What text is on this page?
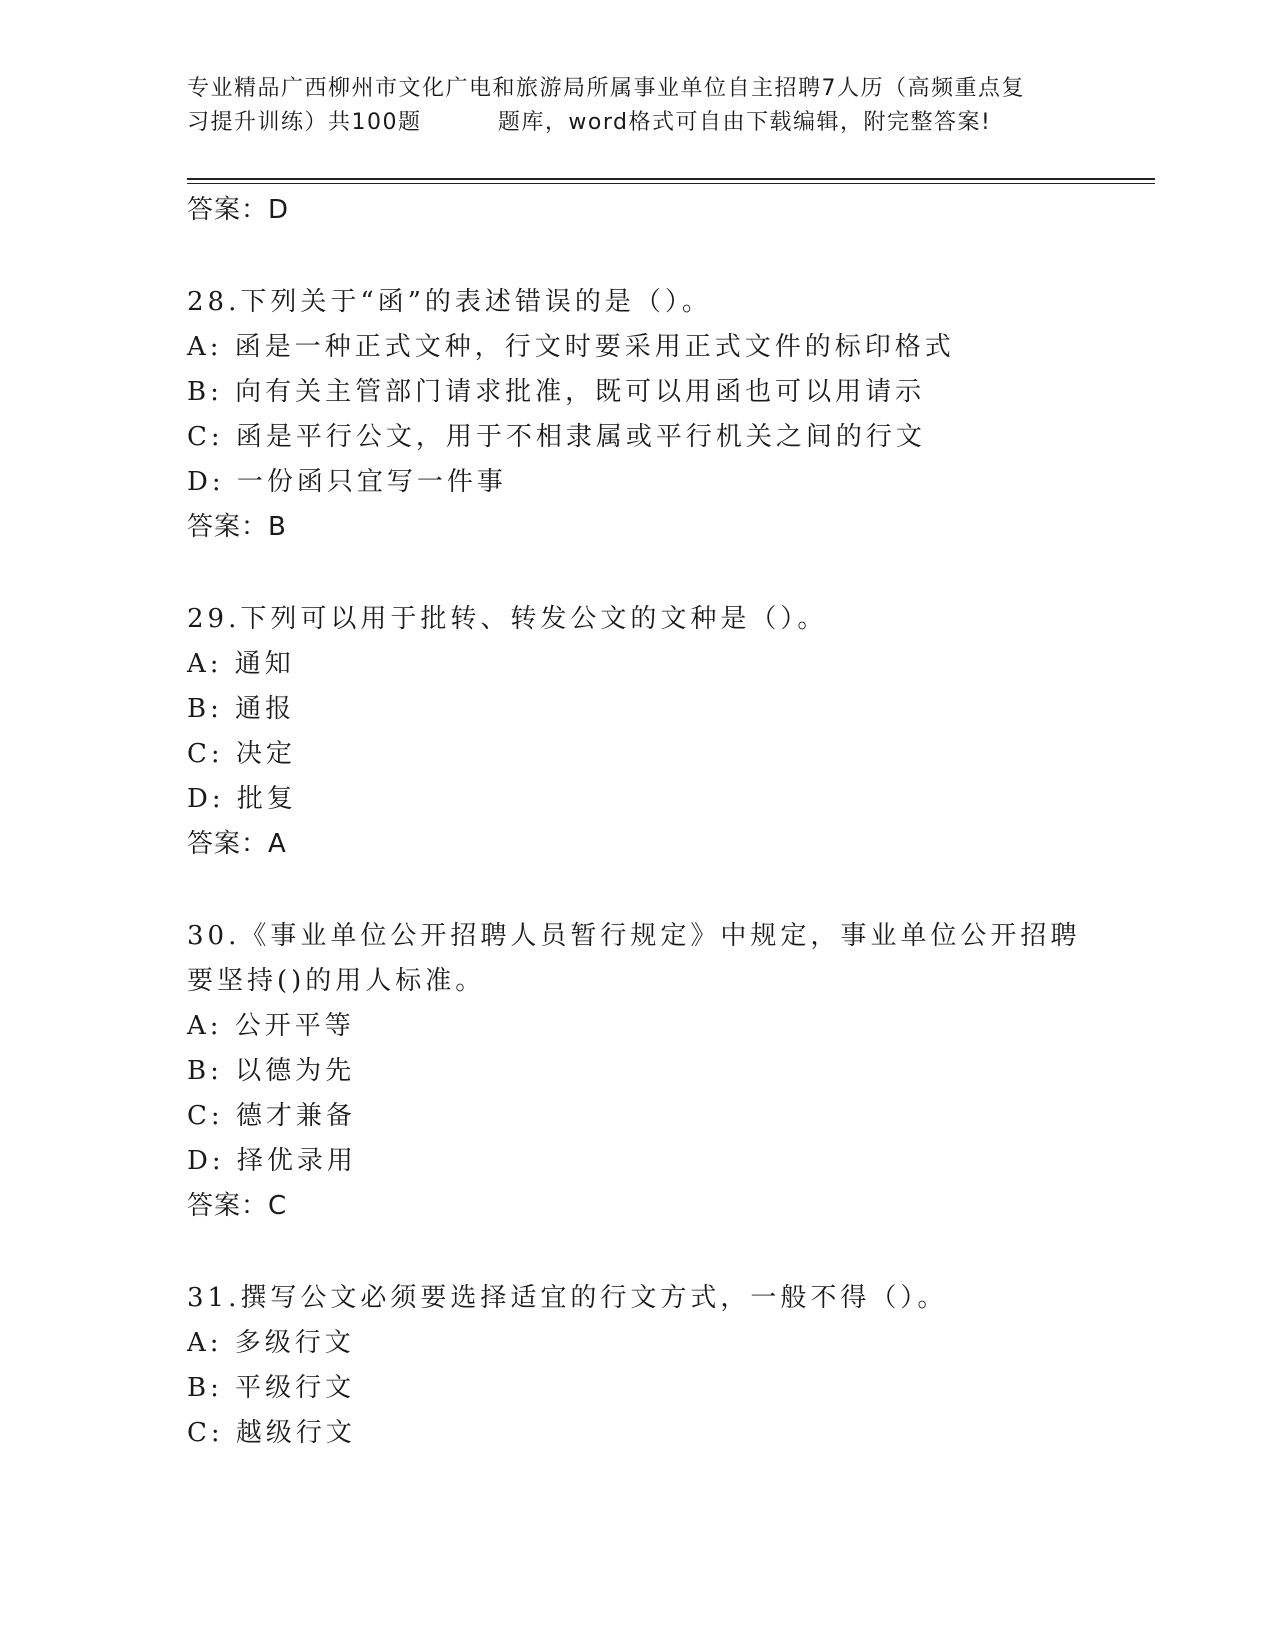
专业精品广西柳州市文化广电和旅游局所属事业单位自主招聘7人历（高频重点复
习提升训练）共100题         题库，word格式可自由下载编辑，附完整答案!
答案：D

28.下列关于“函”的表述错误的是（）。

A: 函是一种正式文种，行文时要采用正式文件的标印格式
B: 向有关主管部门请求批准，既可以用函也可以用请示
C: 函是平行公文，用于不相隶属或平行机关之间的行文
D: 一份函只宜写一件事
答案：B

29.下列可以用于批转、转发公文的文种是（）。

A: 通知
B: 通报
C: 决定
D: 批复
答案：A

30.《事业单位公开招聘人员暂行规定》中规定，事业单位公开招聘要坚持()的用人标准。

A: 公开平等
B: 以德为先
C: 德才兼备
D: 择优录用
答案：C

31.撰写公文必须要选择适宜的行文方式，一般不得（）。

A: 多级行文
B: 平级行文
C: 越级行文
